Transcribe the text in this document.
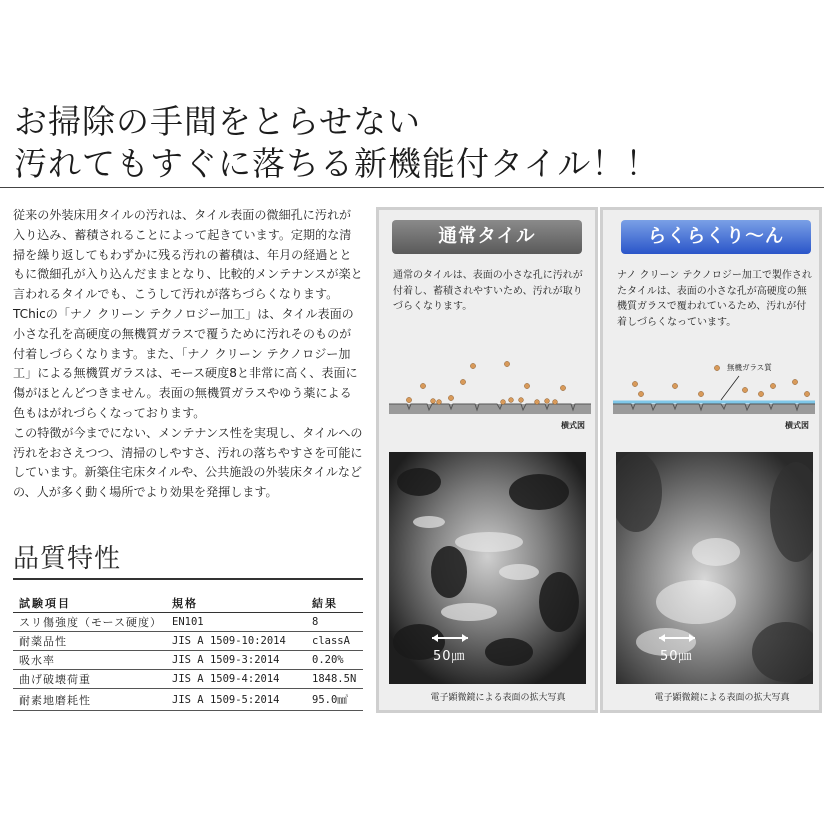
お掃除の手間をとらせない
汚れてもすぐに落ちる新機能付タイル！！

従来の外装床用タイルの汚れは、タイル表面の微細孔に汚れが入り込み、蓄積されることによって起きています。定期的な清掃を繰り返してもわずかに残る汚れの蓄積は、年月の経過とともに微細孔が入り込んだままとなり、比較的メンテナンスが楽と言われるタイルでも、こうして汚れが落ちづらくなります。

TChicの「ナノ クリーン テクノロジー加工」は、タイル表面の小さな孔を高硬度の無機質ガラスで覆うために汚れそのものが付着しづらくなります。また、「ナノ クリーン テクノロジー加工」による無機質ガラスは、モース硬度8と非常に高く、表面に傷がほとんどつきません。表面の無機質ガラスやゆう薬による色もはがれづらくなっております。

この特徴が今までにない、メンテナンス性を実現し、タイルへの汚れをおさえつつ、清掃のしやすさ、汚れの落ちやすさを可能にしています。新築住宅床タイルや、公共施設の外装床タイルなどの、人が多く動く場所でより効果を発揮します。

品質特性
試験項目	規格	結果
スリ傷強度（モース硬度）	EN101	8
耐薬品性	JIS A 1509-10:2014	classA
吸水率	JIS A 1509-3:2014	0.20%
曲げ破壊荷重	JIS A 1509-4:2014	1848.5N
耐素地磨耗性	JIS A 1509-5:2014	95.0㎣
通常タイル
通常のタイルは、表面の小さな孔に汚れが付着し、蓄積されやすいため、汚れが取りづらくなります。
横式図
50㎛
電子顕微鏡による表面の拡大写真
らくらくり〜ん
ナノ クリーン テクノロジー加工で製作されたタイルは、表面の小さな孔が高硬度の無機質ガラスで覆われているため、汚れが付着しづらくなっています。
無機ガラス質
横式図
50㎛
電子顕微鏡による表面の拡大写真
